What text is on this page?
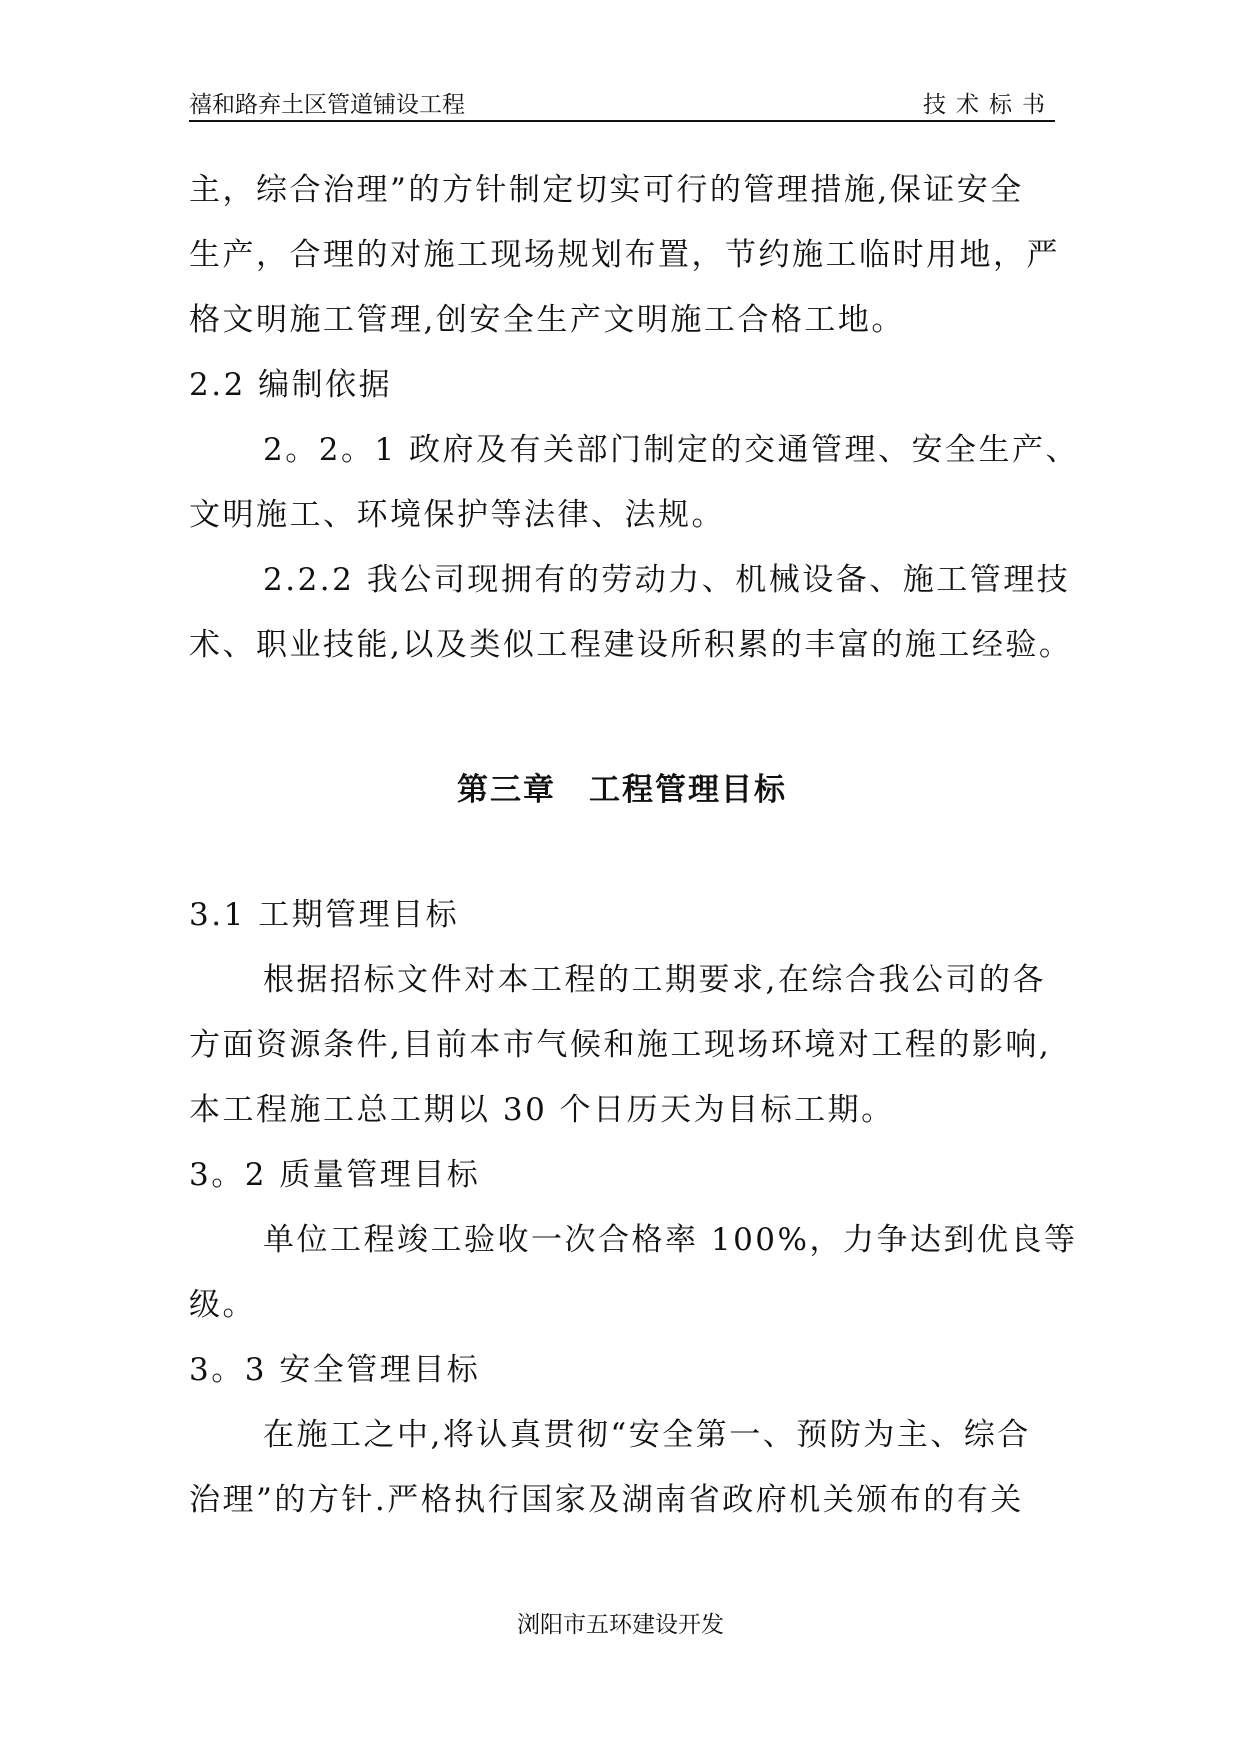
禧和路弃土区管道铺设工程	技术标书
主，综合治理”的方针制定切实可行的管理措施,保证安全
生产，合理的对施工现场规划布置，节约施工临时用地，严
格文明施工管理,创安全生产文明施工合格工地。
2.2 编制依据
2。2。1 政府及有关部门制定的交通管理、安全生产、
文明施工、环境保护等法律、法规。
2.2.2 我公司现拥有的劳动力、机械设备、施工管理技
术、职业技能,以及类似工程建设所积累的丰富的施工经验。
第三章　工程管理目标
3.1 工期管理目标
根据招标文件对本工程的工期要求,在综合我公司的各
方面资源条件,目前本市气候和施工现场环境对工程的影响,
本工程施工总工期以 30 个日历天为目标工期。
3。2 质量管理目标
单位工程竣工验收一次合格率 100%，力争达到优良等
级。
3。3 安全管理目标
在施工之中,将认真贯彻“安全第一、预防为主、综合
治理”的方针.严格执行国家及湖南省政府机关颁布的有关
浏阳市五环建设开发
